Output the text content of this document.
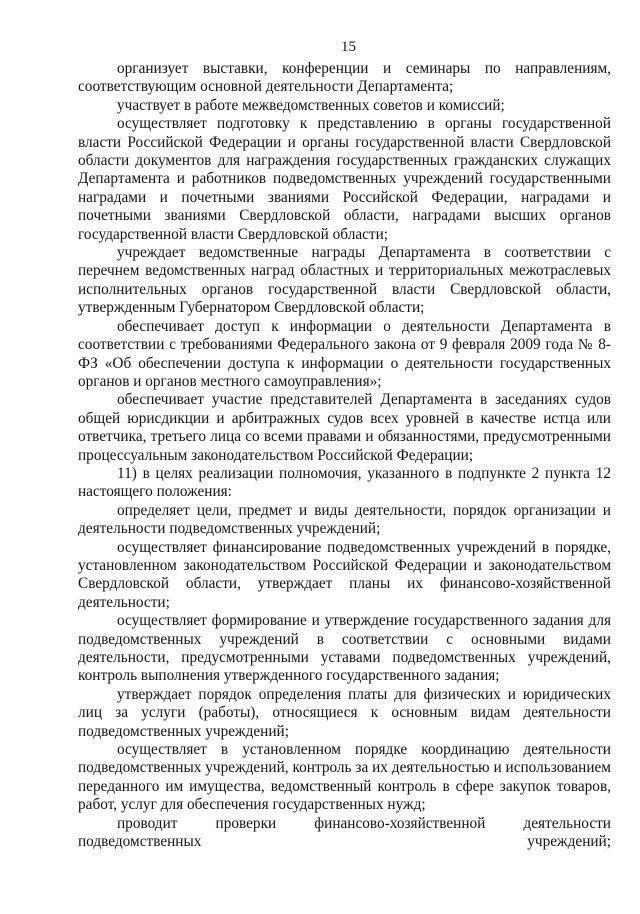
15

организует выставки, конференции и семинары по направлениям, соответствующим основной деятельности Департамента;

участвует в работе межведомственных советов и комиссий;

осуществляет подготовку к представлению в органы государственной власти Российской Федерации и органы государственной власти Свердловской области документов для награждения государственных гражданских служащих Департамента и работников подведомственных учреждений государственными наградами и почетными званиями Российской Федерации, наградами и почетными званиями Свердловской области, наградами высших органов государственной власти Свердловской области;

учреждает ведомственные награды Департамента в соответствии с перечнем ведомственных наград областных и территориальных межотраслевых исполнительных органов государственной власти Свердловской области, утвержденным Губернатором Свердловской области;

обеспечивает доступ к информации о деятельности Департамента в соответствии с требованиями Федерального закона от 9 февраля 2009 года № 8-ФЗ «Об обеспечении доступа к информации о деятельности государственных органов и органов местного самоуправления»;

обеспечивает участие представителей Департамента в заседаниях судов общей юрисдикции и арбитражных судов всех уровней в качестве истца или ответчика, третьего лица со всеми правами и обязанностями, предусмотренными процессуальным законодательством Российской Федерации;

11) в целях реализации полномочия, указанного в подпункте 2 пункта 12 настоящего положения:

определяет цели, предмет и виды деятельности, порядок организации и деятельности подведомственных учреждений;

осуществляет финансирование подведомственных учреждений в порядке, установленном законодательством Российской Федерации и законодательством Свердловской области, утверждает планы их финансово-хозяйственной деятельности;

осуществляет формирование и утверждение государственного задания для подведомственных учреждений в соответствии с основными видами деятельности, предусмотренными уставами подведомственных учреждений, контроль выполнения утвержденного государственного задания;

утверждает порядок определения платы для физических и юридических лиц за услуги (работы), относящиеся к основным видам деятельности подведомственных учреждений;

осуществляет в установленном порядке координацию деятельности подведомственных учреждений, контроль за их деятельностью и использованием переданного им имущества, ведомственный контроль в сфере закупок товаров, работ, услуг для обеспечения государственных нужд;

проводит проверки финансово-хозяйственной деятельности подведомственных учреждений;
